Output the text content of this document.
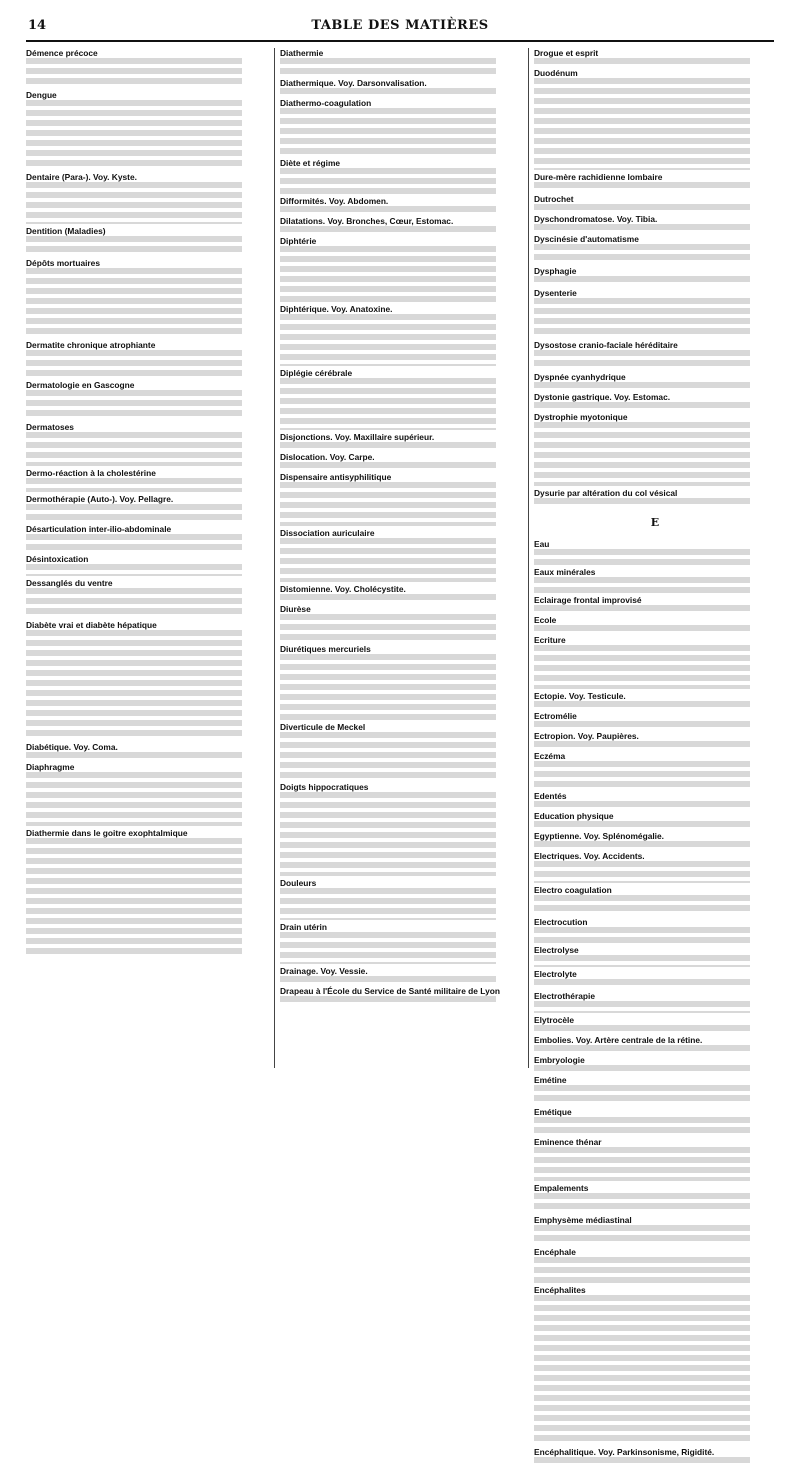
14	TABLE DES MATIÈRES
Démence précoce
Dengue
Dentaire (Para-). Voy. Kyste.
Dentition (Maladies)
Dépôts mortuaires
Dermatite chronique atrophiante
Dermatologie en Gascogne
Dermatoses
Dermo-réaction à la cholestérine
Dermothérapie (Auto-). Voy. Pellagre.
Désarticulation inter-ilio-abdominale
Désintoxication
Dessanglés du ventre
Diabète vrai et diabète hépatique
Diabétique. Voy. Coma.
Diaphragme
Diathermie dans le goitre exophtalmique
Diathermie
Diathermique. Voy. Darsonvalisation.
Diathermo-coagulation
Diète et régime
Difformités. Voy. Abdomen.
Dilatations. Voy. Bronches, Cœur, Estomac.
Diphtérie
Diphtérique. Voy. Anatoxine.
Diplégie cérébrale
Disjonctions. Voy. Maxillaire supérieur.
Dislocation. Voy. Carpe.
Dispensaire antisyphilitique
Dissociation auriculaire
Distomienne. Voy. Cholécystite.
Diurèse
Diurétiques mercuriels
Diverticule de Meckel
Doigts hippocratiques
Douleurs
Drain utérin
Drainage. Voy. Vessie.
Drapeau à l'École du Service de Santé militaire de Lyon
Drogue et esprit
Duodénum
Dure-mère rachidienne lombaire
Dutrochet
Dyschondromatose. Voy. Tibia.
Dyscinésie d'automatisme
Dysphagie
Dysenterie
Dysostose cranio-faciale héréditaire
Dyspnée cyanhydrique
Dystonie gastrique. Voy. Estomac.
Dystrophie myotonique
Dysurie par altération du col vésical
E
Eau
Eaux minérales
Eclairage frontal improvisé
Ecole
Ecriture
Ectopie. Voy. Testicule.
Ectromélie
Ectropion. Voy. Paupières.
Eczéma
Edentés
Education physique
Egyptienne. Voy. Splénomégalie.
Electriques. Voy. Accidents.
Electro coagulation
Electrocution
Electrolyse
Electrolyte
Electrothérapie
Elytrocèle
Embolies. Voy. Artère centrale de la rétine.
Embryologie
Emétine
Emétique
Eminence thénar
Empalements
Emphysème médiastinal
Encéphale
Encéphalites
Encéphalitique. Voy. Parkinsonisme, Rigidité.
